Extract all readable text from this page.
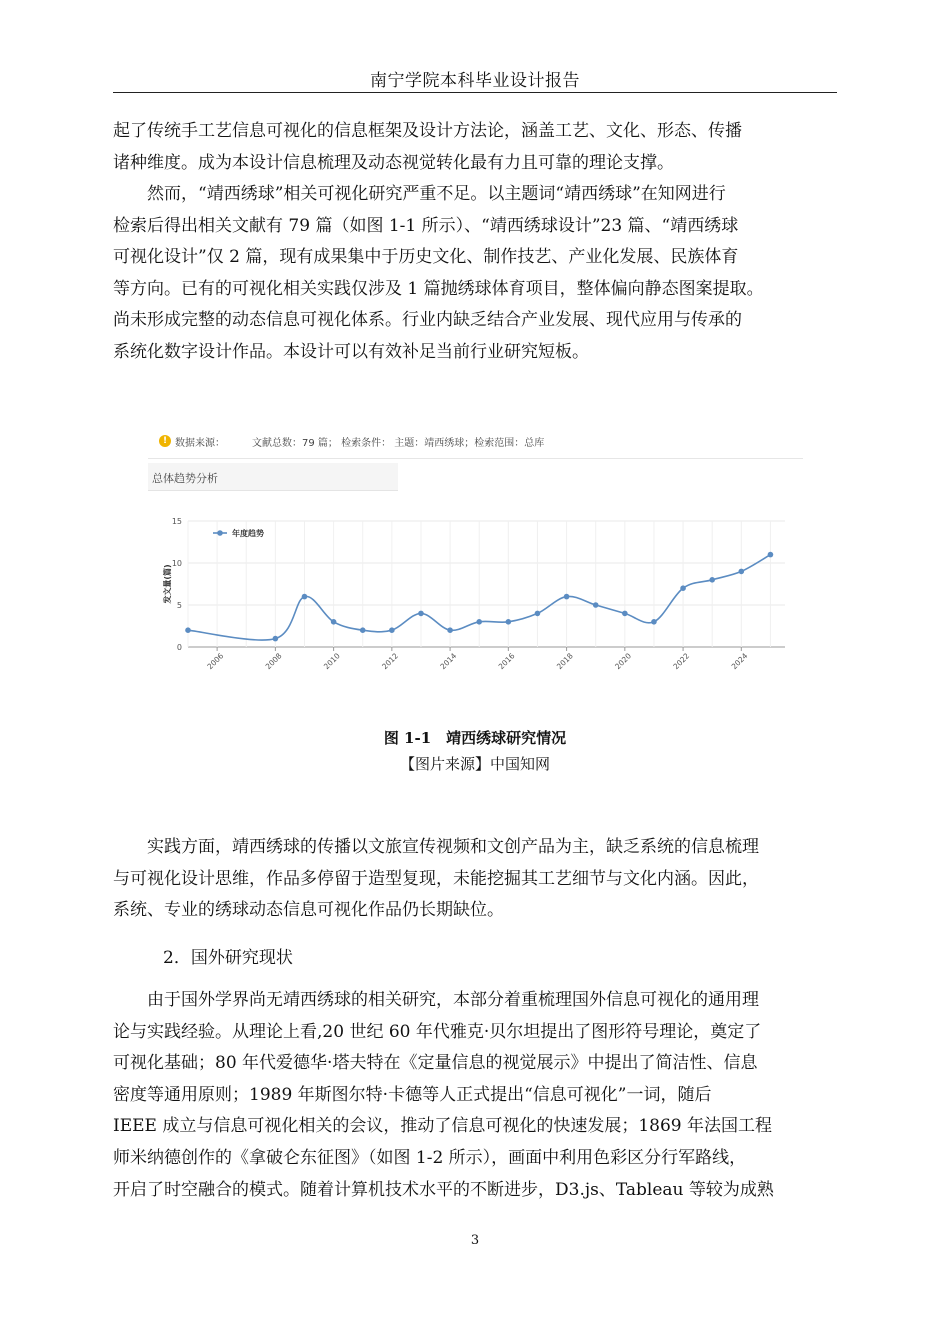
南宁学院本科毕业设计报告
起了传统手工艺信息可视化的信息框架及设计方法论，涵盖工艺、文化、形态、传播
诸种维度。成为本设计信息梳理及动态视觉转化最有力且可靠的理论支撑。
　　然而，“靖西绣球”相关可视化研究严重不足。以主题词“靖西绣球”在知网进行
检索后得出相关文献有 79 篇（如图 1-1 所示）、“靖西绣球设计”23 篇、“靖西绣球
可视化设计”仅 2 篇，现有成果集中于历史文化、制作技艺、产业化发展、民族体育
等方向。已有的可视化相关实践仅涉及 1 篇抛绣球体育项目，整体偏向静态图案提取。
尚未形成完整的动态信息可视化体系。行业内缺乏结合产业发展、现代应用与传承的
系统化数字设计作品。本设计可以有效补足当前行业研究短板。
! 数据来源：	文献总数：79 篇； 检索条件： 主题：靖西绣球；检索范围：总库
总体趋势分析
0
5
10
15
2006	2008	2010	2012	2014	2016	2018	2020	2022	2024
发文量(篇)
年度趋势
图 1-1　靖西绣球研究情况
【图片来源】中国知网
　　实践方面，靖西绣球的传播以文旅宣传视频和文创产品为主，缺乏系统的信息梳理
与可视化设计思维，作品多停留于造型复现，未能挖掘其工艺细节与文化内涵。因此，
系统、专业的绣球动态信息可视化作品仍长期缺位。
2．国外研究现状
　　由于国外学界尚无靖西绣球的相关研究，本部分着重梳理国外信息可视化的通用理
论与实践经验。从理论上看,20 世纪 60 年代雅克·贝尔坦提出了图形符号理论，奠定了
可视化基础；80 年代爱德华·塔夫特在《定量信息的视觉展示》中提出了简洁性、信息
密度等通用原则；1989 年斯图尔特·卡德等人正式提出“信息可视化”一词，随后
IEEE 成立与信息可视化相关的会议，推动了信息可视化的快速发展；1869 年法国工程
师米纳德创作的《拿破仑东征图》（如图 1-2 所示），画面中利用色彩区分行军路线，
开启了时空融合的模式。随着计算机技术水平的不断进步，D3.js、Tableau 等较为成熟
3
